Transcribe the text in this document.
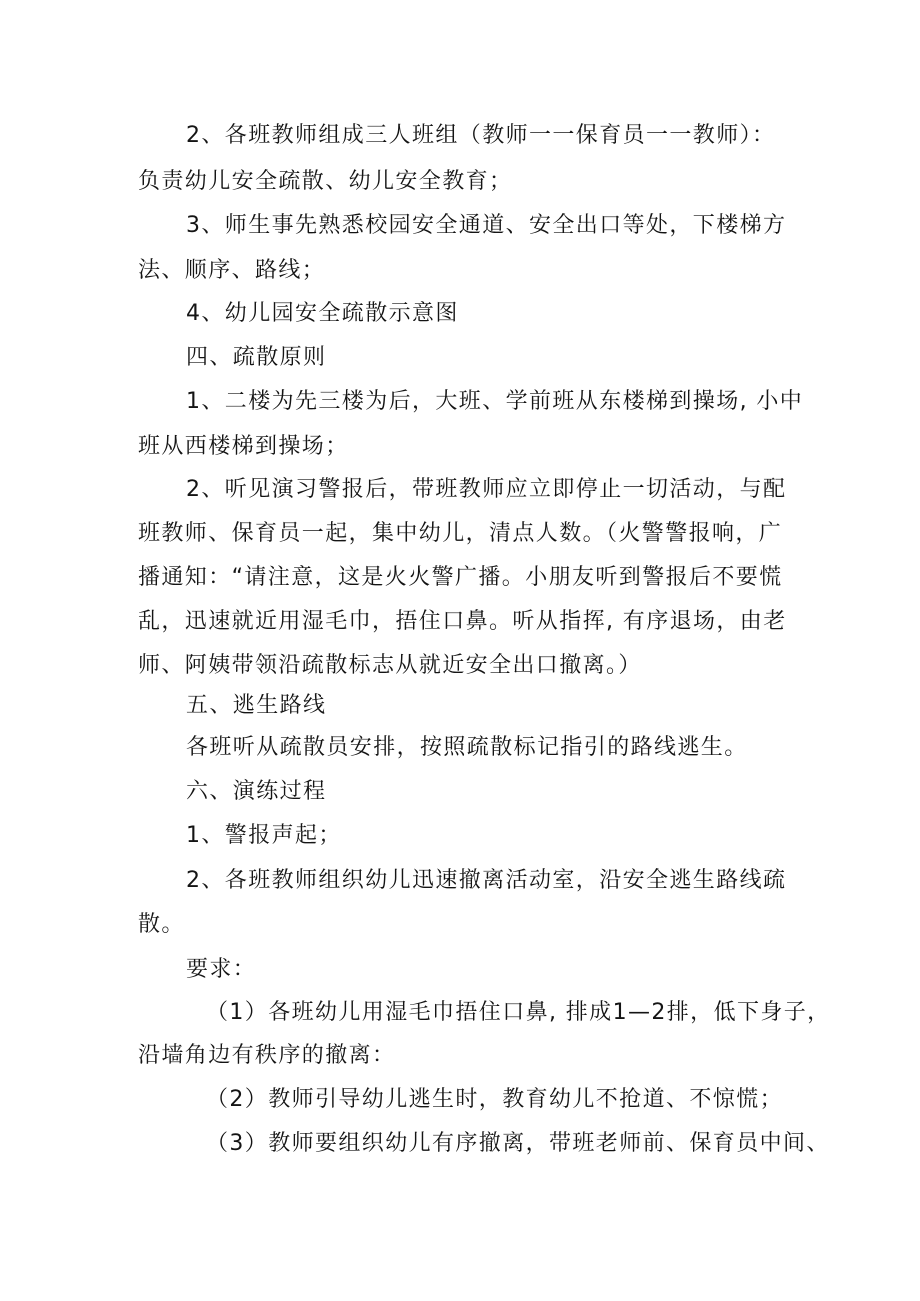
2、各班教师组成三人班组（教师一一保育员一一教师）：
负责幼儿安全疏散、幼儿安全教育；
3、师生事先熟悉校园安全通道、安全出口等处，下楼梯方
法、顺序、路线；
4、幼儿园安全疏散示意图
四、疏散原则
1、二楼为先三楼为后，大班、学前班从东楼梯到操场, 小中
班从西楼梯到操场；
2、听见演习警报后，带班教师应立即停止一切活动，与配
班教师、保育员一起，集中幼儿，清点人数。（火警警报响，广
播通知：“请注意，这是火火警广播。小朋友听到警报后不要慌
乱，迅速就近用湿毛巾，捂住口鼻。听从指挥, 有序退场，由老
师、阿姨带领沿疏散标志从就近安全出口撤离。）
五、逃生路线
各班听从疏散员安排，按照疏散标记指引的路线逃生。
六、演练过程
1、警报声起；
2、各班教师组织幼儿迅速撤离活动室，沿安全逃生路线疏
散。
要求：
（1）各班幼儿用湿毛巾捂住口鼻, 排成1—2排，低下身子，
沿墙角边有秩序的撤离：
（2）教师引导幼儿逃生时，教育幼儿不抢道、不惊慌；
（3）教师要组织幼儿有序撤离，带班老师前、保育员中间、
